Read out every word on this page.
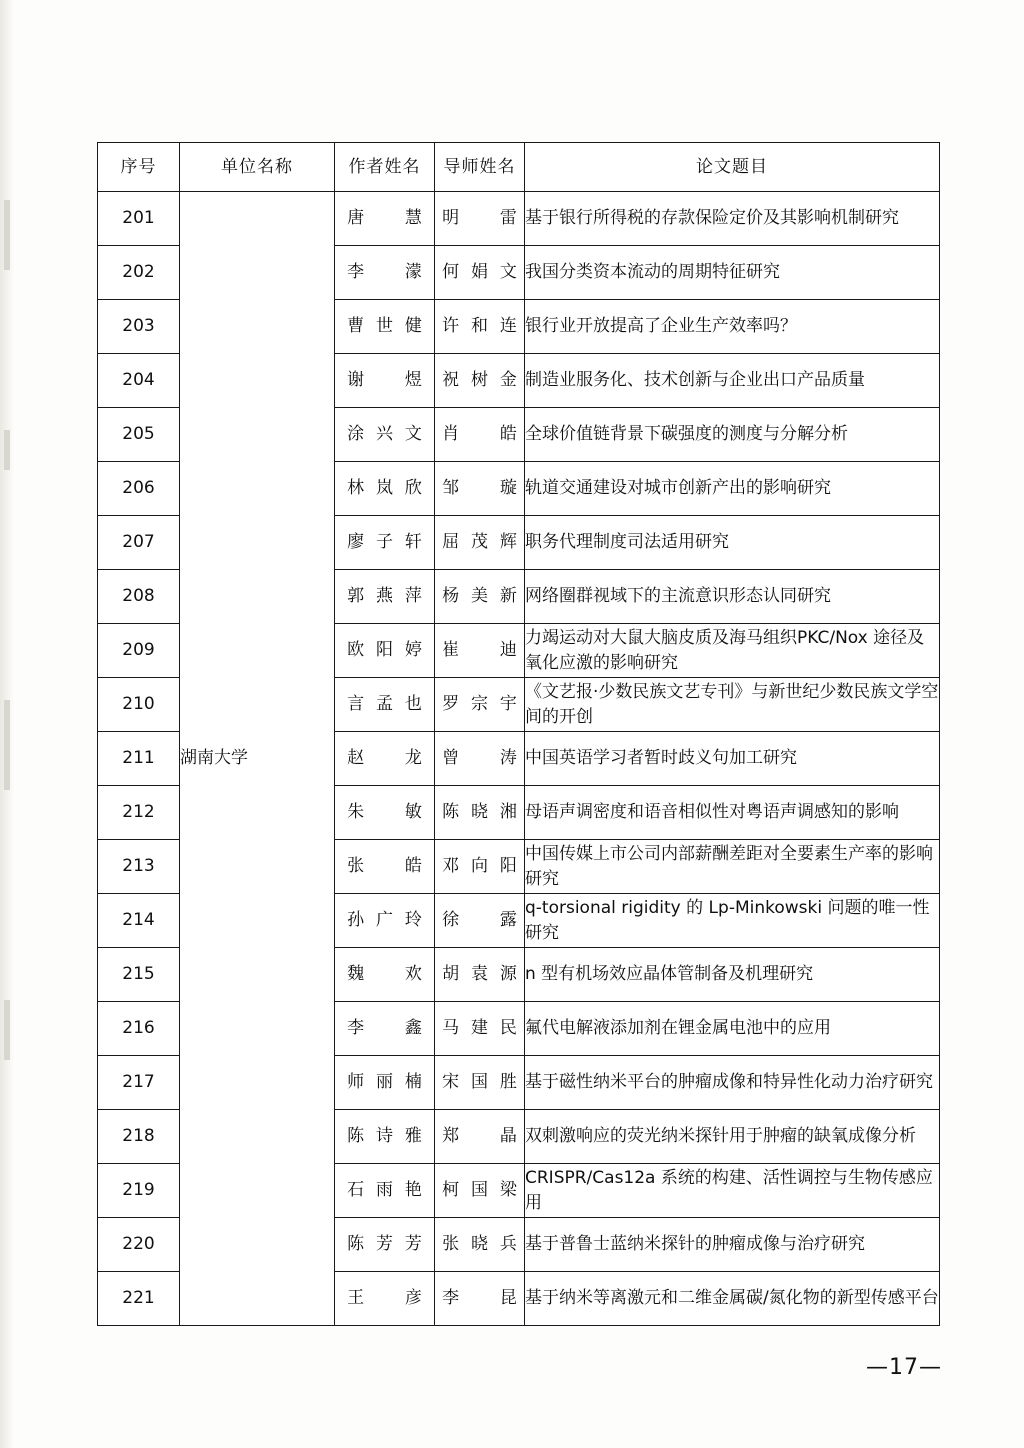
序号	单位名称	作者姓名	导师姓名	论文题目
201	湖南大学	唐 慧	明 雷	基于银行所得税的存款保险定价及其影响机制研究
202		李 濛	何娟文	我国分类资本流动的周期特征研究
203		曹世健	许和连	银行业开放提高了企业生产效率吗？
204		谢 煜	祝树金	制造业服务化、技术创新与企业出口产品质量
205		涂兴文	肖 皓	全球价值链背景下碳强度的测度与分解分析
206		林岚欣	邹 璇	轨道交通建设对城市创新产出的影响研究
207		廖子轩	屈茂辉	职务代理制度司法适用研究
208		郭燕萍	杨美新	网络圈群视域下的主流意识形态认同研究
209		欧阳婷	崔 迪	力竭运动对大鼠大脑皮质及海马组织PKC/Nox 途径及氧化应激的影响研究
210		言孟也	罗宗宇	《文艺报·少数民族文艺专刊》与新世纪少数民族文学空间的开创
211		赵 龙	曾 涛	中国英语学习者暂时歧义句加工研究
212		朱 敏	陈晓湘	母语声调密度和语音相似性对粤语声调感知的影响
213		张 皓	邓向阳	中国传媒上市公司内部薪酬差距对全要素生产率的影响研究
214		孙广玲	徐 露	q-torsional rigidity 的 Lp-Minkowski 问题的唯一性研究
215		魏 欢	胡袁源	n 型有机场效应晶体管制备及机理研究
216		李 鑫	马建民	氟代电解液添加剂在锂金属电池中的应用
217		师丽楠	宋国胜	基于磁性纳米平台的肿瘤成像和特异性化动力治疗研究
218		陈诗雅	郑 晶	双刺激响应的荧光纳米探针用于肿瘤的缺氧成像分析
219		石雨艳	柯国梁	CRISPR/Cas12a 系统的构建、活性调控与生物传感应用
220		陈芳芳	张晓兵	基于普鲁士蓝纳米探针的肿瘤成像与治疗研究
221		王 彦	李 昆	基于纳米等离激元和二维金属碳/氮化物的新型传感平台
—17—
